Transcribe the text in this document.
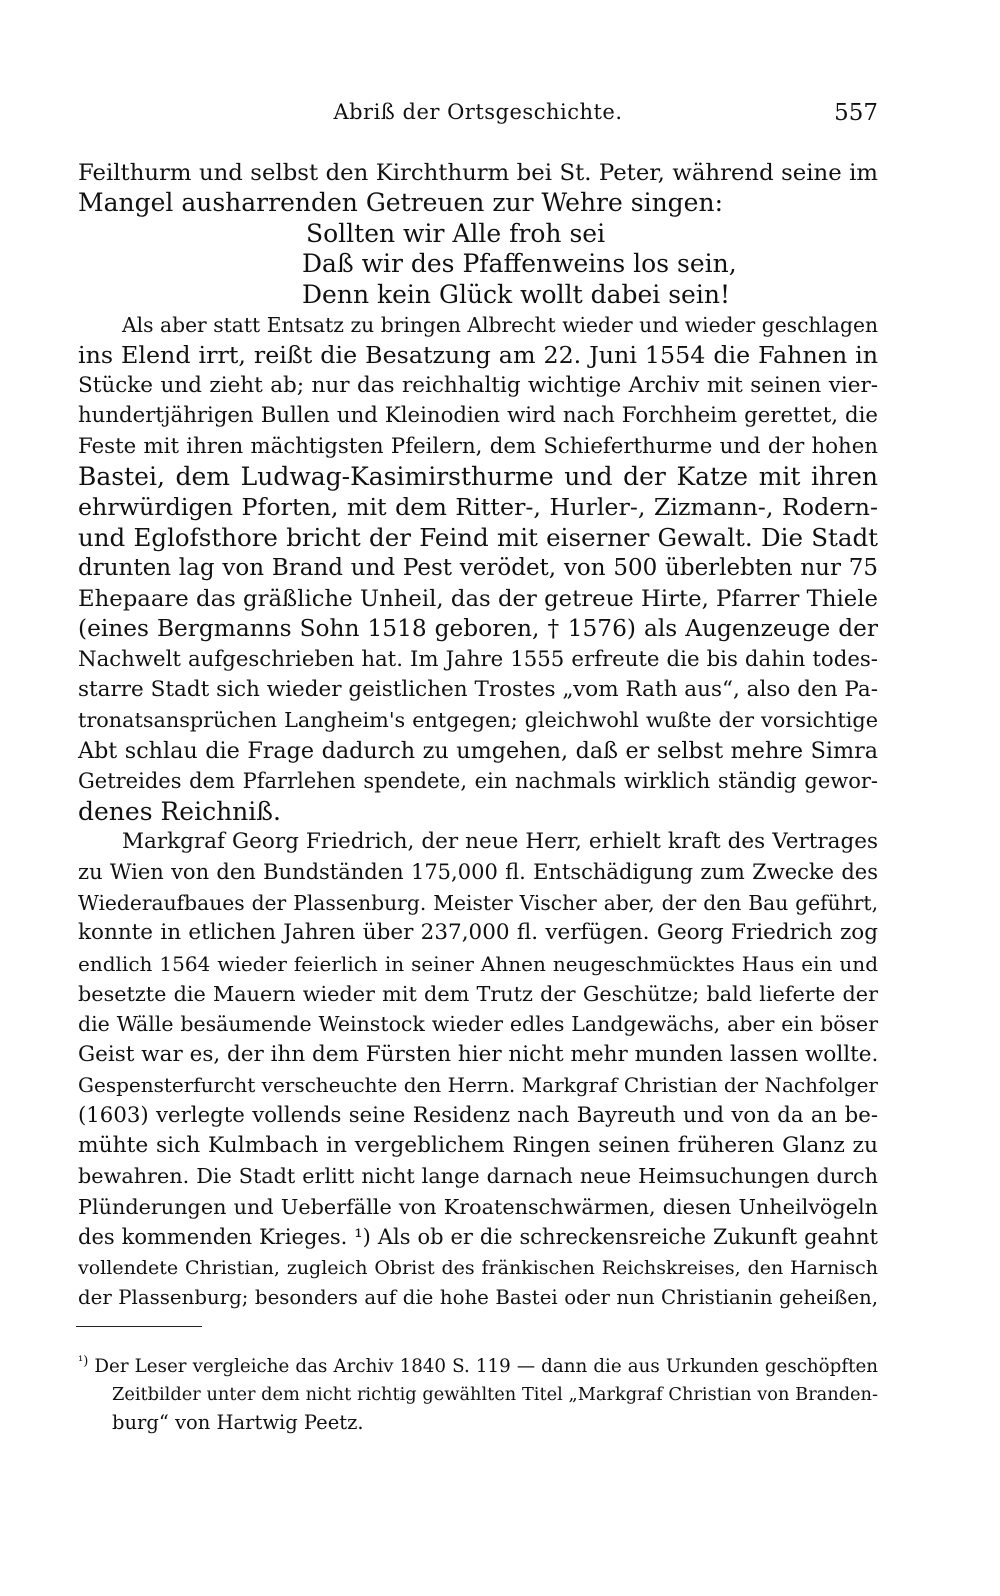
Abriß der Ortsgeschichte.	557
Feilthurm und selbst den Kirchthurm bei St. Peter, während seine im
Mangel ausharrenden Getreuen zur Wehre singen:
Sollten wir Alle froh sei
Daß wir des Pfaffenweins los sein,
Denn kein Glück wollt dabei sein!
Als aber statt Entsatz zu bringen Albrecht wieder und wieder geschlagen
ins Elend irrt, reißt die Besatzung am 22. Juni 1554 die Fahnen in
Stücke und zieht ab; nur das reichhaltig wichtige Archiv mit seinen vier-
hundertjährigen Bullen und Kleinodien wird nach Forchheim gerettet, die
Feste mit ihren mächtigsten Pfeilern, dem Schieferthurme und der hohen
Bastei, dem Ludwag-Kasimirsthurme und der Katze mit ihren
ehrwürdigen Pforten, mit dem Ritter-, Hurler-, Zizmann-, Rodern-
und Eglofsthore bricht der Feind mit eiserner Gewalt. Die Stadt
drunten lag von Brand und Pest verödet, von 500 überlebten nur 75
Ehepaare das gräßliche Unheil, das der getreue Hirte, Pfarrer Thiele
(eines Bergmanns Sohn 1518 geboren, † 1576) als Augenzeuge der
Nachwelt aufgeschrieben hat. Im Jahre 1555 erfreute die bis dahin todes-
starre Stadt sich wieder geistlichen Trostes „vom Rath aus“, also den Pa-
tronatsansprüchen Langheim's entgegen; gleichwohl wußte der vorsichtige
Abt schlau die Frage dadurch zu umgehen, daß er selbst mehre Simra
Getreides dem Pfarrlehen spendete, ein nachmals wirklich ständig gewor-
denes Reichniß.
Markgraf Georg Friedrich, der neue Herr, erhielt kraft des Vertrages
zu Wien von den Bundständen 175,000 fl. Entschädigung zum Zwecke des
Wiederaufbaues der Plassenburg. Meister Vischer aber, der den Bau geführt,
konnte in etlichen Jahren über 237,000 fl. verfügen. Georg Friedrich zog
endlich 1564 wieder feierlich in seiner Ahnen neugeschmücktes Haus ein und
besetzte die Mauern wieder mit dem Trutz der Geschütze; bald lieferte der
die Wälle besäumende Weinstock wieder edles Landgewächs, aber ein böser
Geist war es, der ihn dem Fürsten hier nicht mehr munden lassen wollte.
Gespensterfurcht verscheuchte den Herrn. Markgraf Christian der Nachfolger
(1603) verlegte vollends seine Residenz nach Bayreuth und von da an be-
mühte sich Kulmbach in vergeblichem Ringen seinen früheren Glanz zu
bewahren. Die Stadt erlitt nicht lange darnach neue Heimsuchungen durch
Plünderungen und Ueberfälle von Kroatenschwärmen, diesen Unheilvögeln
des kommenden Krieges. ¹) Als ob er die schreckensreiche Zukunft geahnt
vollendete Christian, zugleich Obrist des fränkischen Reichskreises, den Harnisch
der Plassenburg; besonders auf die hohe Bastei oder nun Christianin geheißen,
$^{^1)}$ Der Leser vergleiche das Archiv 1840 S. 119 — dann die aus Urkunden geschöpften
Zeitbilder unter dem nicht richtig gewählten Titel „Markgraf Christian von Branden-
burg“ von Hartwig Peetz.
